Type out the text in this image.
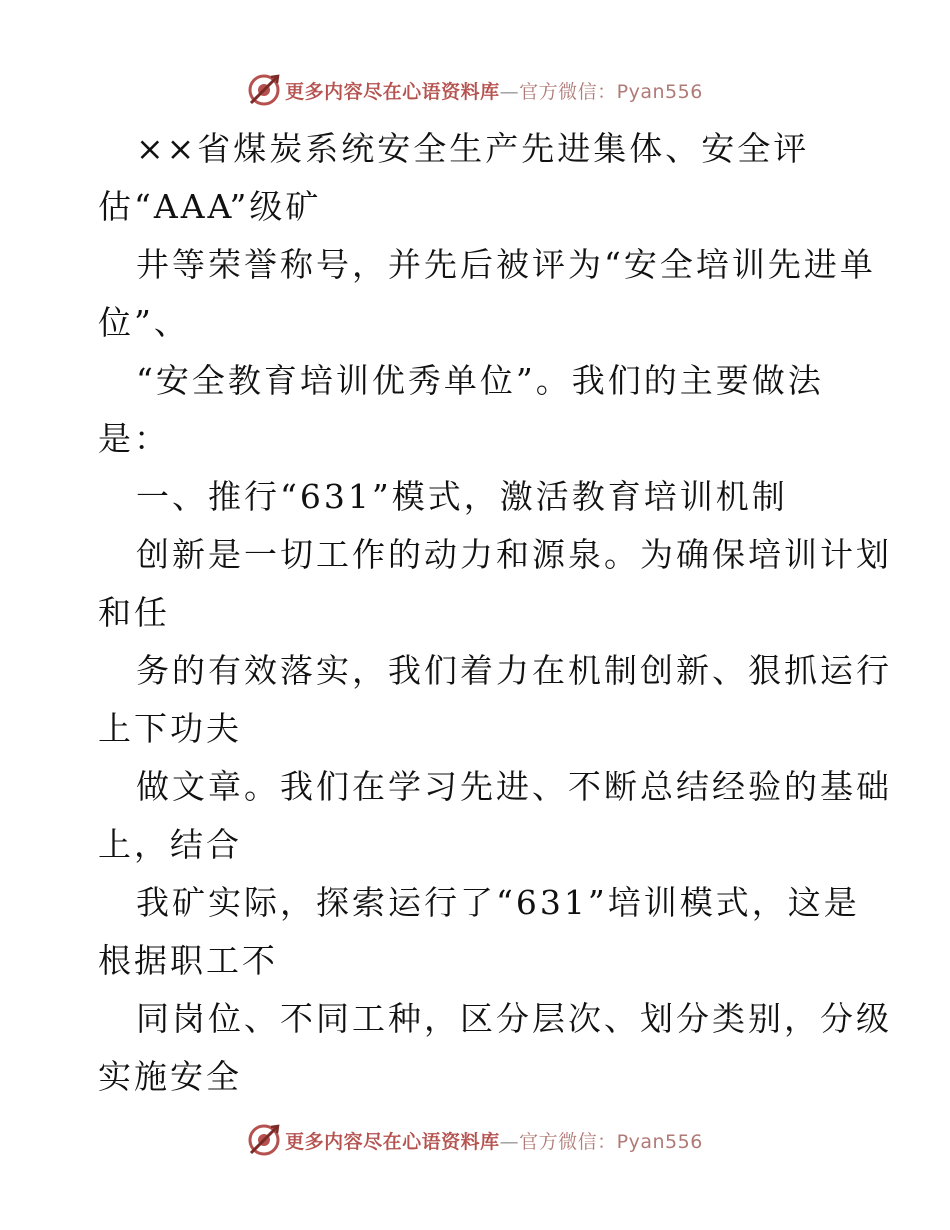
更多内容尽在心语资料库—官方微信：Pyan556
××省煤炭系统安全生产先进集体、安全评
估“AAA”级矿
井等荣誉称号，并先后被评为“安全培训先进单
位”、
“安全教育培训优秀单位”。我们的主要做法
是：
一、推行“631”模式，激活教育培训机制
创新是一切工作的动力和源泉。为确保培训计划
和任
务的有效落实，我们着力在机制创新、狠抓运行
上下功夫
做文章。我们在学习先进、不断总结经验的基础
上，结合
我矿实际，探索运行了“631”培训模式，这是
根据职工不
同岗位、不同工种，区分层次、划分类别，分级
实施安全
更多内容尽在心语资料库—官方微信：Pyan556
